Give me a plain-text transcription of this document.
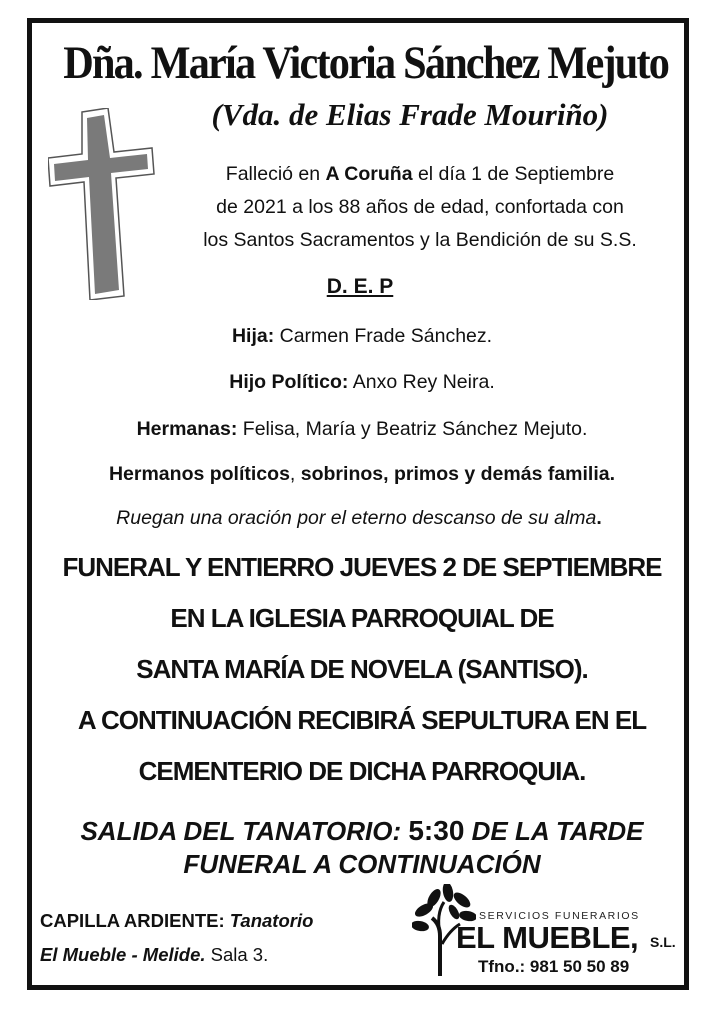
Dña. María Victoria Sánchez Mejuto
(Vda. de Elias Frade Mouriño)
Falleció en A Coruña el día 1 de Septiembre
de 2021 a los 88 años de edad, confortada con
los Santos Sacramentos y la Bendición de su S.S.
D. E. P
Hija: Carmen Frade Sánchez.
Hijo Político: Anxo Rey Neira.
Hermanas: Felisa, María y Beatriz Sánchez Mejuto.
Hermanos políticos, sobrinos, primos y demás familia.
Ruegan una oración por el eterno descanso de su alma.
FUNERAL Y ENTIERRO JUEVES 2 DE SEPTIEMBRE
EN LA IGLESIA PARROQUIAL DE
SANTA MARÍA DE NOVELA (SANTISO).
A CONTINUACIÓN RECIBIRÁ SEPULTURA EN EL
CEMENTERIO DE DICHA PARROQUIA.
SALIDA DEL TANATORIO: 5:30 DE LA TARDE
FUNERAL A CONTINUACIÓN
CAPILLA ARDIENTE: Tanatorio
El Mueble - Melide. Sala 3.
SERVICIOS FUNERARIOS
EL MUEBLE, S.L.
Tfno.: 981 50 50 89
